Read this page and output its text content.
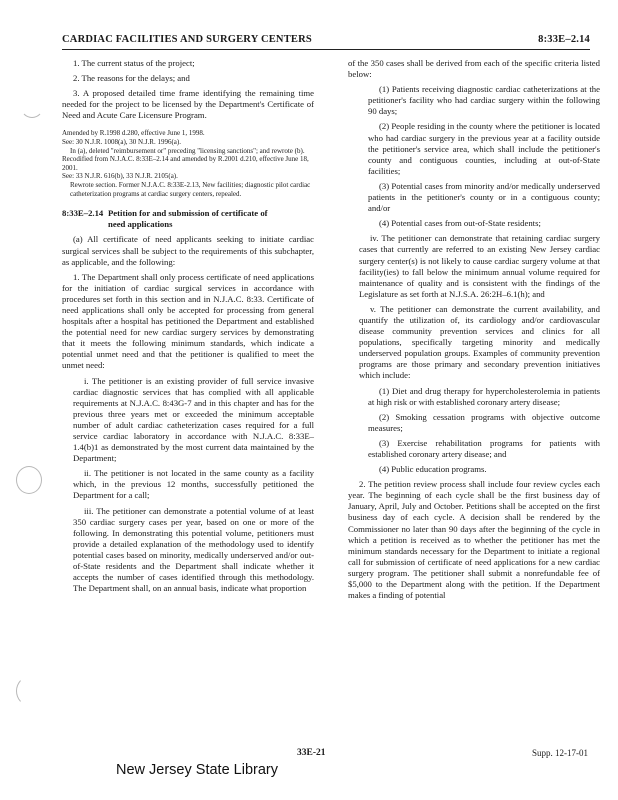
CARDIAC FACILITIES AND SURGERY CENTERS	8:33E–2.14

1. The current status of the project;

2. The reasons for the delays; and

3. A proposed detailed time frame identifying the remaining time needed for the project to be licensed by the Department's Certificate of Need and Acute Care Licensure Program.

Amended by R.1998 d.280, effective June 1, 1998.

See: 30 N.J.R. 1008(a), 30 N.J.R. 1996(a).

In (a), deleted "reimbursement or" preceding "licensing sanctions"; and rewrote (b).

Recodified from N.J.A.C. 8:33E–2.14 and amended by R.2001 d.210, effective June 18, 2001.

See: 33 N.J.R. 616(b), 33 N.J.R. 2105(a).

Rewrote section. Former N.J.A.C. 8:33E-2.13, New facilities; diagnostic pilot cardiac catheterization programs at cardiac surgery centers, repealed.

8:33E–2.14 Petition for and submission of certificate of
need applications

(a) All certificate of need applicants seeking to initiate cardiac surgical services shall be subject to the requirements of this subchapter, as applicable, and the following:

1. The Department shall only process certificate of need applications for the initiation of cardiac surgical services in accordance with procedures set forth in this section and in N.J.A.C. 8:33. Certificate of need applications shall only be accepted for processing from general hospitals after a hospital has petitioned the Department and established the potential need for new cardiac surgery services by demonstrating that it meets the following minimum standards, which indicate a potential unmet need and that the petitioner is qualified to meet the unmet need:

i. The petitioner is an existing provider of full service invasive cardiac diagnostic services that has complied with all applicable requirements at N.J.A.C. 8:43G-7 and in this chapter and has for the previous three years met or exceeded the minimum acceptable number of adult cardiac catheterization cases required for a full service cardiac laboratory in accordance with N.J.A.C. 8:33E–1.4(b)1 as demonstrated by the most current data maintained by the Department;

ii. The petitioner is not located in the same county as a facility which, in the previous 12 months, successfully petitioned the Department for a call;

iii. The petitioner can demonstrate a potential volume of at least 350 cardiac surgery cases per year, based on one or more of the following. In demonstrating this potential volume, petitioners must provide a detailed explanation of the methodology used to identify potential cases based on minority, medically underserved and/or out-of-State residents and the Department shall indicate whether it accepts the number of cases identified through this methodology. The Department shall, on an annual basis, indicate what proportion

of the 350 cases shall be derived from each of the specific criteria listed below:

(1) Patients receiving diagnostic cardiac catheterizations at the petitioner's facility who had cardiac surgery within the following 90 days;

(2) People residing in the county where the petitioner is located who had cardiac surgery in the previous year at a facility outside the petitioner's service area, which shall include the petitioner's county and contiguous counties, including at out-of-State facilities;

(3) Potential cases from minority and/or medically underserved patients in the petitioner's county or in a contiguous county; and/or

(4) Potential cases from out-of-State residents;

iv. The petitioner can demonstrate that retaining cardiac surgery cases that currently are referred to an existing New Jersey cardiac surgery center(s) is not likely to cause cardiac surgery volume at that facility(ies) to fall below the minimum annual volume required for maintenance of quality and is consistent with the findings of the Legislature as set forth at N.J.S.A. 26:2H–6.1(h); and

v. The petitioner can demonstrate the current availability, and quantify the utilization of, its cardiology and/or cardiovascular disease community prevention services and clinics for all populations, specifically targeting minority and medically underserved population groups. Examples of community prevention programs are those primary and secondary prevention initiatives which include:

(1) Diet and drug therapy for hypercholesterolemia in patients at high risk or with established coronary artery disease;

(2) Smoking cessation programs with objective outcome measures;

(3) Exercise rehabilitation programs for patients with established coronary artery disease; and

(4) Public education programs.

2. The petition review process shall include four review cycles each year. The beginning of each cycle shall be the first business day of January, April, July and October. Petitions shall be accepted on the first business day of each cycle. A decision shall be rendered by the Commissioner no later than 90 days after the beginning of the cycle in which a petition is received as to whether the petitioner has met the minimum standards necessary for the Department to initiate a regional call for submission of certificate of need applications for a new cardiac surgery program. The petitioner shall submit a nonrefundable fee of $5,000 to the Department along with the petition. If the Department makes a finding of potential

33E-21	Supp. 12-17-01
New Jersey State Library
